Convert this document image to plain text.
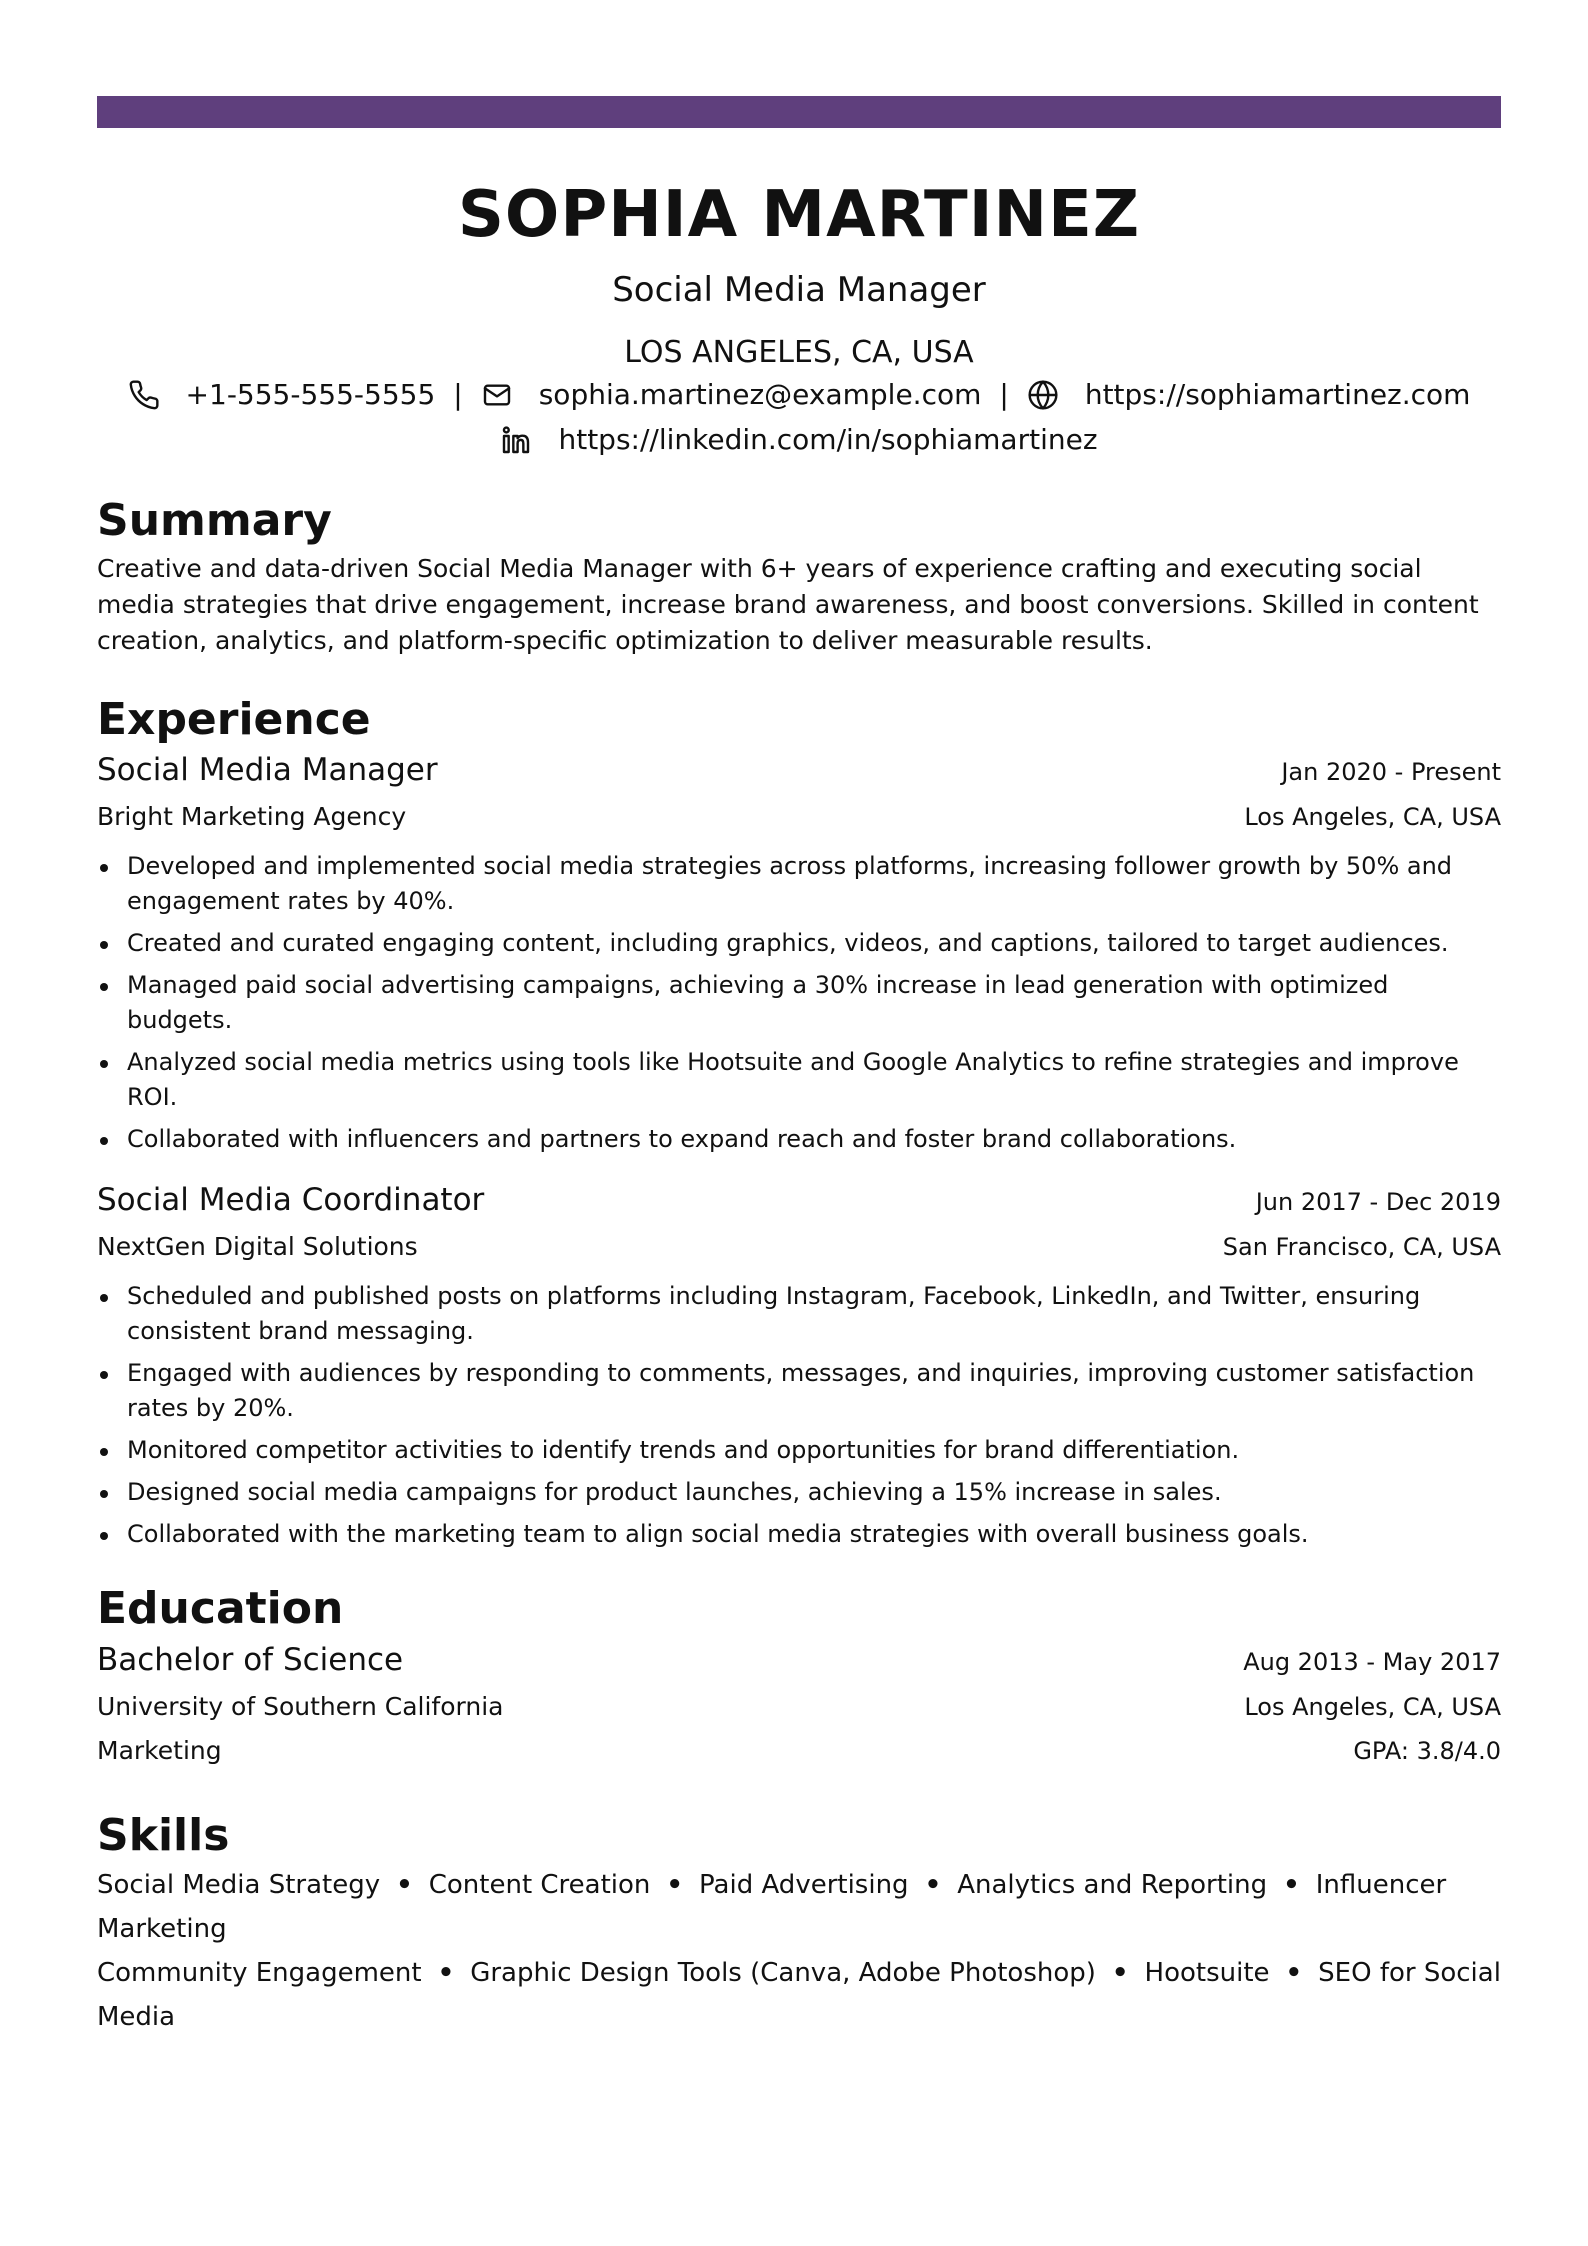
SOPHIA MARTINEZ
Social Media Manager
LOS ANGELES, CA, USA
+1-555-555-5555 |	sophia.martinez@example.com |	https://sophiamartinez.com
https://linkedin.com/in/sophiamartinez
Summary
Creative and data-driven Social Media Manager with 6+ years of experience crafting and executing social media strategies that drive engagement, increase brand awareness, and boost conversions. Skilled in content creation, analytics, and platform-specific optimization to deliver measurable results.
Experience
Social Media Manager	Jan 2020 - Present
Bright Marketing Agency	Los Angeles, CA, USA
Developed and implemented social media strategies across platforms, increasing follower growth by 50% and engagement rates by 40%.
Created and curated engaging content, including graphics, videos, and captions, tailored to target audiences.
Managed paid social advertising campaigns, achieving a 30% increase in lead generation with optimized budgets.
Analyzed social media metrics using tools like Hootsuite and Google Analytics to refine strategies and improve ROI.
Collaborated with influencers and partners to expand reach and foster brand collaborations.
Social Media Coordinator	Jun 2017 - Dec 2019
NextGen Digital Solutions	San Francisco, CA, USA
Scheduled and published posts on platforms including Instagram, Facebook, LinkedIn, and Twitter, ensuring consistent brand messaging.
Engaged with audiences by responding to comments, messages, and inquiries, improving customer satisfaction rates by 20%.
Monitored competitor activities to identify trends and opportunities for brand differentiation.
Designed social media campaigns for product launches, achieving a 15% increase in sales.
Collaborated with the marketing team to align social media strategies with overall business goals.
Education
Bachelor of Science	Aug 2013 - May 2017
University of Southern California	Los Angeles, CA, USA
Marketing	GPA: 3.8/4.0
Skills
Social Media Strategy • Content Creation • Paid Advertising • Analytics and Reporting • Influencer Marketing
Community Engagement • Graphic Design Tools (Canva, Adobe Photoshop) • Hootsuite • SEO for Social Media
